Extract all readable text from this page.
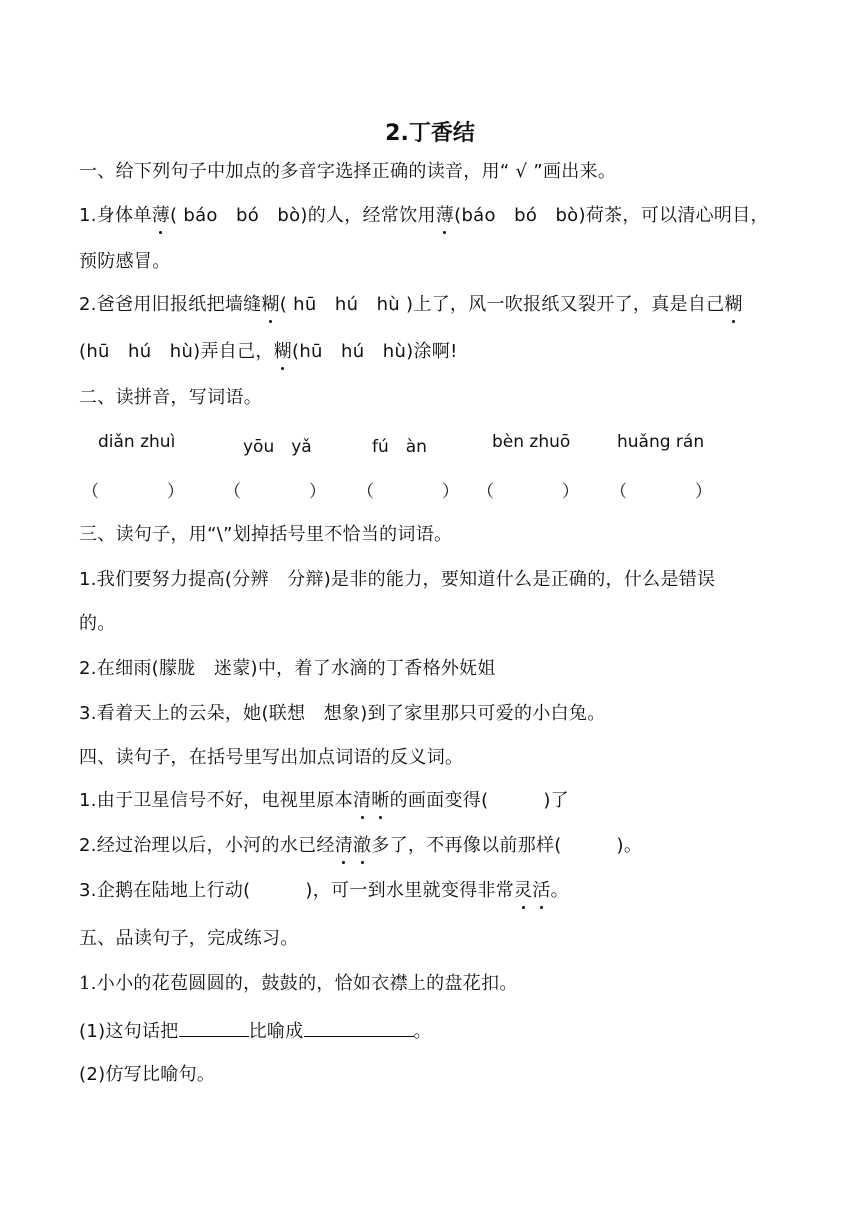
2.丁香结
一、给下列句子中加点的多音字选择正确的读音，用“ √ ”画出来。
1.身体单薄( báo　bó　bò)的人，经常饮用薄(báo　bó　bò)荷茶，可以清心明目，
预防感冒。
2.爸爸用旧报纸把墙缝糊( hū　hú　hù )上了，风一吹报纸又裂开了，真是自己糊
(hū　hú　hù)弄自己，糊(hū　hú　hù)涂啊!
二、读拼音，写词语。
diǎn zhuì	yōu　yǎ	fú　àn	bèn zhuō	huǎng rán
（　　　　） （　　　　） （　　　　） （　　　　） （　　　　）
三、读句子，用“\”划掉括号里不恰当的词语。
1.我们要努力提高(分辨　分辩)是非的能力，要知道什么是正确的，什么是错误
的。
2.在细雨(朦胧　迷蒙)中，着了水滴的丁香格外妩姐
3.看着天上的云朵，她(联想　想象)到了家里那只可爱的小白兔。
四、读句子，在括号里写出加点词语的反义词。
1.由于卫星信号不好，电视里原本清晰的画面变得(　　　)了
2.经过治理以后，小河的水已经清澈多了，不再像以前那样(　　　)。
3.企鹅在陆地上行动(　　　)，可一到水里就变得非常灵活。
五、品读句子，完成练习。
1.小小的花苞圆圆的，鼓鼓的，恰如衣襟上的盘花扣。
(1)这句话把	比喻成	。
(2)仿写比喻句。
